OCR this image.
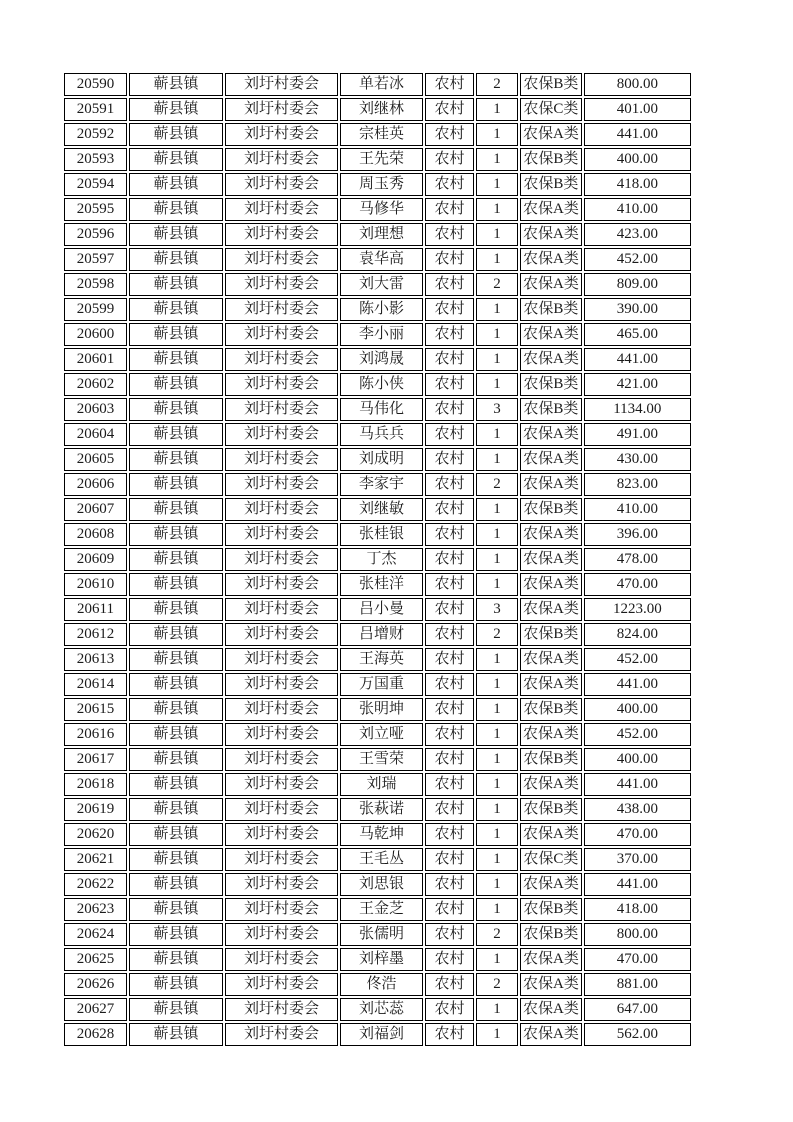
20590	蕲县镇	刘圩村委会	单若冰	农村	2	农保B类	800.00
20591	蕲县镇	刘圩村委会	刘继林	农村	1	农保C类	401.00
20592	蕲县镇	刘圩村委会	宗桂英	农村	1	农保A类	441.00
20593	蕲县镇	刘圩村委会	王先荣	农村	1	农保B类	400.00
20594	蕲县镇	刘圩村委会	周玉秀	农村	1	农保B类	418.00
20595	蕲县镇	刘圩村委会	马修华	农村	1	农保A类	410.00
20596	蕲县镇	刘圩村委会	刘理想	农村	1	农保A类	423.00
20597	蕲县镇	刘圩村委会	袁华高	农村	1	农保A类	452.00
20598	蕲县镇	刘圩村委会	刘大雷	农村	2	农保A类	809.00
20599	蕲县镇	刘圩村委会	陈小影	农村	1	农保B类	390.00
20600	蕲县镇	刘圩村委会	李小丽	农村	1	农保A类	465.00
20601	蕲县镇	刘圩村委会	刘鸿晟	农村	1	农保A类	441.00
20602	蕲县镇	刘圩村委会	陈小侠	农村	1	农保B类	421.00
20603	蕲县镇	刘圩村委会	马伟化	农村	3	农保B类	1134.00
20604	蕲县镇	刘圩村委会	马兵兵	农村	1	农保A类	491.00
20605	蕲县镇	刘圩村委会	刘成明	农村	1	农保A类	430.00
20606	蕲县镇	刘圩村委会	李家宇	农村	2	农保A类	823.00
20607	蕲县镇	刘圩村委会	刘继敏	农村	1	农保B类	410.00
20608	蕲县镇	刘圩村委会	张桂银	农村	1	农保A类	396.00
20609	蕲县镇	刘圩村委会	丁杰	农村	1	农保A类	478.00
20610	蕲县镇	刘圩村委会	张桂洋	农村	1	农保A类	470.00
20611	蕲县镇	刘圩村委会	吕小曼	农村	3	农保A类	1223.00
20612	蕲县镇	刘圩村委会	吕增财	农村	2	农保B类	824.00
20613	蕲县镇	刘圩村委会	王海英	农村	1	农保A类	452.00
20614	蕲县镇	刘圩村委会	万国重	农村	1	农保A类	441.00
20615	蕲县镇	刘圩村委会	张明坤	农村	1	农保B类	400.00
20616	蕲县镇	刘圩村委会	刘立哑	农村	1	农保A类	452.00
20617	蕲县镇	刘圩村委会	王雪荣	农村	1	农保B类	400.00
20618	蕲县镇	刘圩村委会	刘瑞	农村	1	农保A类	441.00
20619	蕲县镇	刘圩村委会	张萩诺	农村	1	农保B类	438.00
20620	蕲县镇	刘圩村委会	马乾坤	农村	1	农保A类	470.00
20621	蕲县镇	刘圩村委会	王毛丛	农村	1	农保C类	370.00
20622	蕲县镇	刘圩村委会	刘思银	农村	1	农保A类	441.00
20623	蕲县镇	刘圩村委会	王金芝	农村	1	农保B类	418.00
20624	蕲县镇	刘圩村委会	张儒明	农村	2	农保B类	800.00
20625	蕲县镇	刘圩村委会	刘梓墨	农村	1	农保A类	470.00
20626	蕲县镇	刘圩村委会	佟浩	农村	2	农保A类	881.00
20627	蕲县镇	刘圩村委会	刘芯蕊	农村	1	农保A类	647.00
20628	蕲县镇	刘圩村委会	刘福剑	农村	1	农保A类	562.00
